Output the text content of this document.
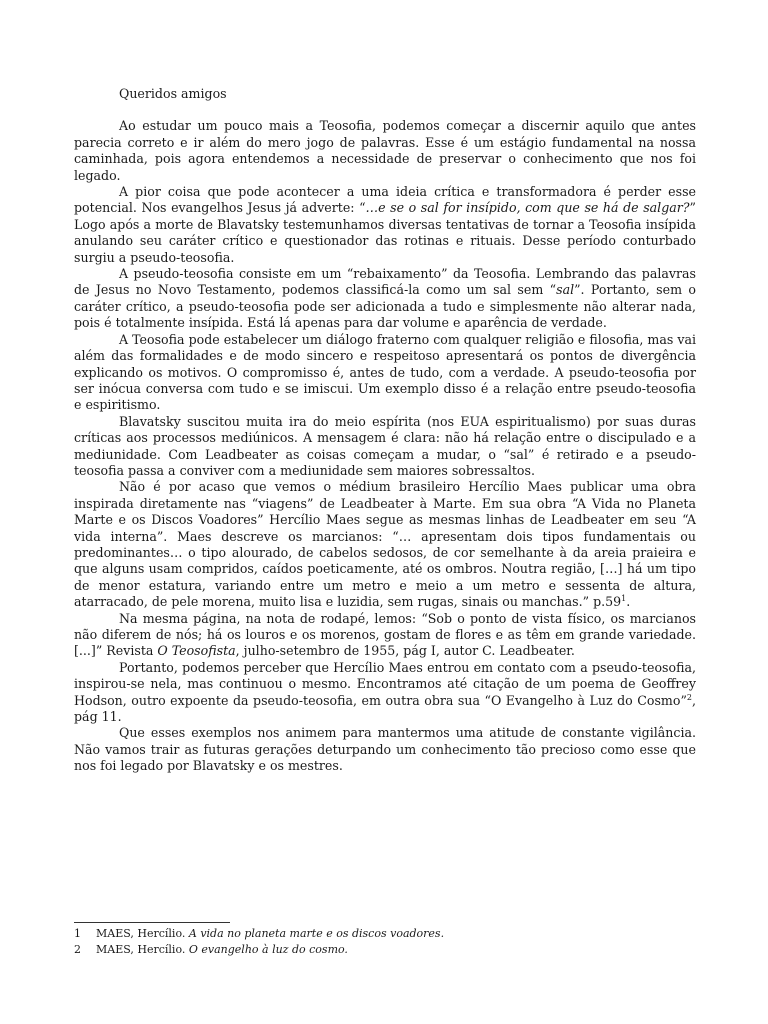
Queridos amigos

Ao estudar um pouco mais a Teosofia, podemos começar a discernir aquilo que antes parecia correto e ir além do mero jogo de palavras. Esse é um estágio fundamental na nossa caminhada, pois agora entendemos a necessidade de preservar o conhecimento que nos foi legado.

A pior coisa que pode acontecer a uma ideia crítica e transformadora é perder esse potencial. Nos evangelhos Jesus já adverte: “…e se o sal for insípido, com que se há de salgar?” Logo após a morte de Blavatsky testemunhamos diversas tentativas de tornar a Teosofia insípida anulando seu caráter crítico e questionador das rotinas e rituais. Desse período conturbado surgiu a pseudo-teosofia.

A pseudo-teosofia consiste em um “rebaixamento” da Teosofia. Lembrando das palavras de Jesus no Novo Testamento, podemos classificá-la como um sal sem “sal”. Portanto, sem o caráter crítico, a pseudo-teosofia pode ser adicionada a tudo e simplesmente não alterar nada, pois é totalmente insípida. Está lá apenas para dar volume e aparência de verdade.

A Teosofia pode estabelecer um diálogo fraterno com qualquer religião e filosofia, mas vai além das formalidades e de modo sincero e respeitoso apresentará os pontos de divergência explicando os motivos. O compromisso é, antes de tudo, com a verdade. A pseudo-teosofia por ser inócua conversa com tudo e se imiscui. Um exemplo disso é a relação entre pseudo-teosofia e espiritismo.

Blavatsky suscitou muita ira do meio espírita (nos EUA espiritualismo) por suas duras críticas aos processos mediúnicos. A mensagem é clara: não há relação entre o discipulado e a mediunidade. Com Leadbeater as coisas começam a mudar, o “sal” é retirado e a pseudo-teosofia passa a conviver com a mediunidade sem maiores sobressaltos.

Não é por acaso que vemos o médium brasileiro Hercílio Maes publicar uma obra inspirada diretamente nas “viagens” de Leadbeater à Marte. Em sua obra “A Vida no Planeta Marte e os Discos Voadores” Hercílio Maes segue as mesmas linhas de Leadbeater em seu “A vida interna”. Maes descreve os marcianos: “… apresentam dois tipos fundamentais ou predominantes… o tipo alourado, de cabelos sedosos, de cor semelhante à da areia praieira e que alguns usam compridos, caídos poeticamente, até os ombros. Noutra região, […] há um tipo de menor estatura, variando entre um metro e meio a um metro e sessenta de altura, atarracado, de pele morena, muito lisa e luzidia, sem rugas, sinais ou manchas.” $p.59^1$.

Na mesma página, na nota de rodapé, lemos: “Sob o ponto de vista físico, os marcianos não diferem de nós; há os louros e os morenos, gostam de flores e as têm em grande variedade. [...]” Revista O Teosofista, julho-setembro de 1955, pág I, autor C. Leadbeater.

Portanto, podemos perceber que Hercílio Maes entrou em contato com a pseudo-teosofia, inspirou-se nela, mas continuou o mesmo. Encontramos até citação de um poema de Geoffrey Hodson, outro expoente da pseudo-teosofia, em outra obra sua “O Evangelho à Luz do Cosmo”$^2$, pág 11.

Que esses exemplos nos animem para mantermos uma atitude de constante vigilância. Não vamos trair as futuras gerações deturpando um conhecimento tão precioso como esse que nos foi legado por Blavatsky e os mestres.

1	MAES, Hercílio. A vida no planeta marte e os discos voadores.
2	MAES, Hercílio. O evangelho à luz do cosmo.
